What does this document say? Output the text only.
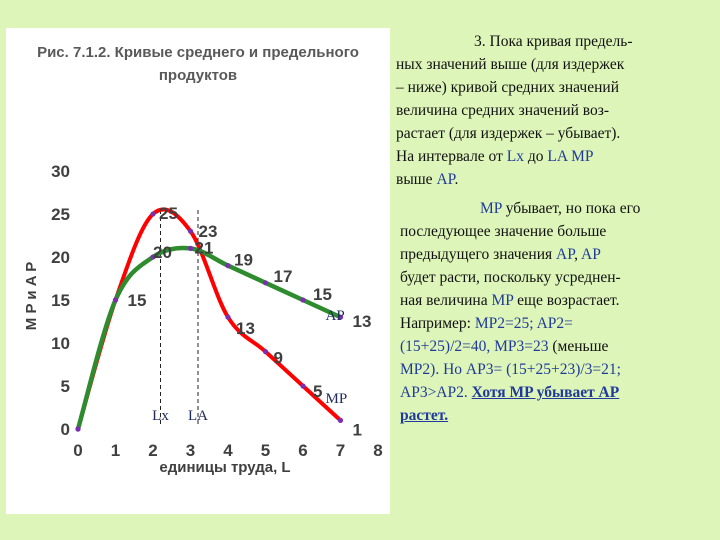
Рис. 7.1.2. Кривые среднего и предельного
продуктов
0
5
10
15
20
25
30
0 1 2 3 4 5 6 7 8
Lx LA
15
25
23
13
9
5
1
20 21
19
17
15
13
AP
MP
единицы труда, L
M P и A P

3. Пока кривая предель-

ных значений выше (для издержек

– ниже) кривой средних значений

величина средних значений воз-

растает (для издержек – убывает).

На интервале от Lx до LA MP

выше AP.

MP убывает, но пока его

последующее значение больше

предыдущего значения AP, AP

будет расти, поскольку усреднен-

ная величина MP еще возрастает.

Например: MP2=25; AP2=

(15+25)/2=40, MP3=23 (меньше

MP2). Но AP3= (15+25+23)/3=21;

AP3>AP2. Хотя MP убывает AP

растет.
